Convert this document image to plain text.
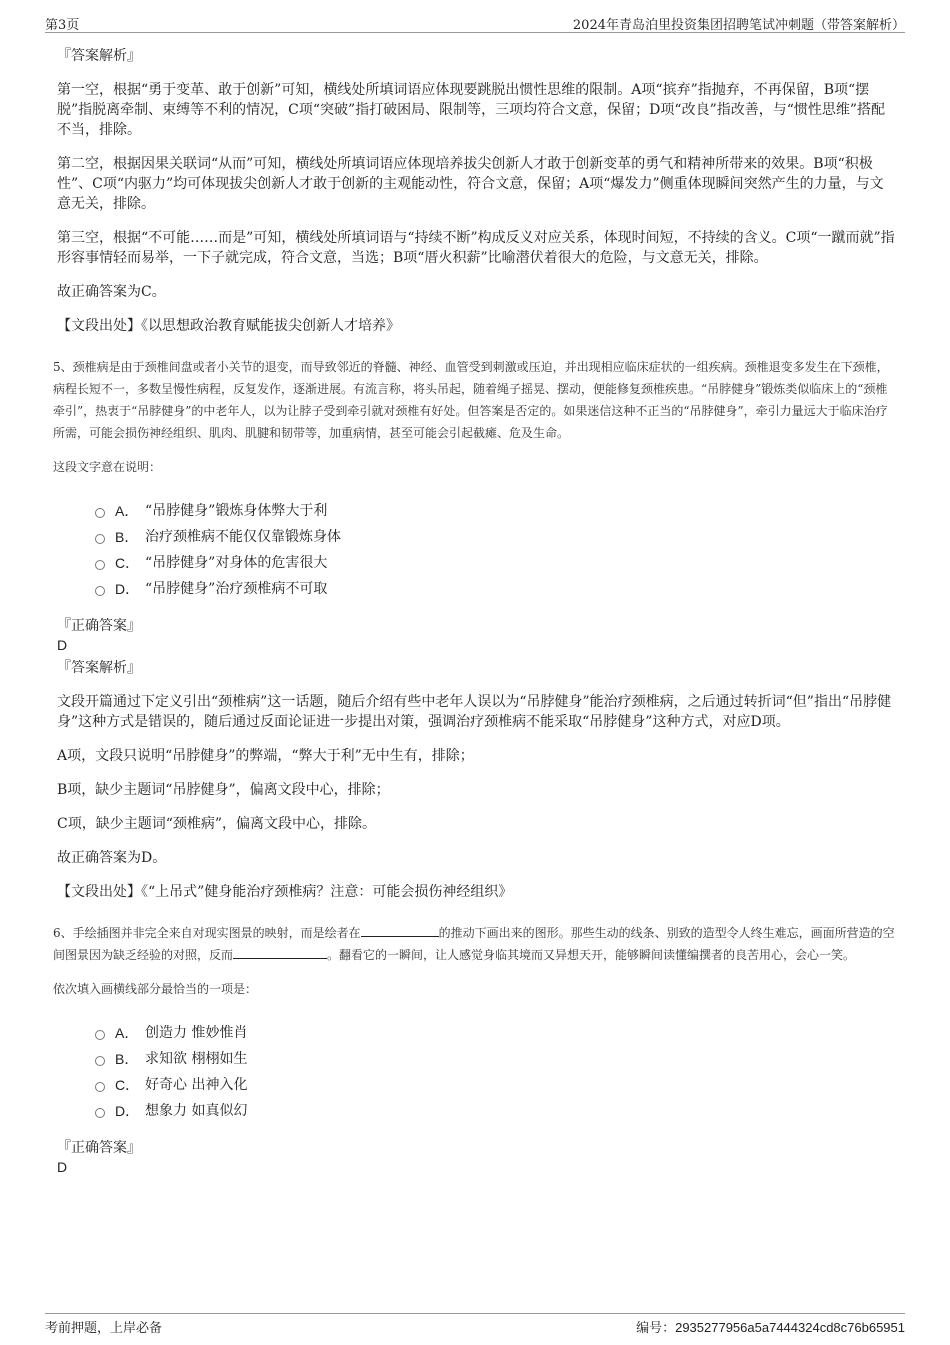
第3页	2024年青岛泊里投资集团招聘笔试冲刺题（带答案解析）

『答案解析』

第一空，根据“勇于变革、敢于创新”可知，横线处所填词语应体现要跳脱出惯性思维的限制。A项“摈弃”指抛弃，不再保留，B项“摆脱”指脱离牵制、束缚等不利的情况，C项“突破”指打破困局、限制等，三项均符合文意，保留；D项“改良”指改善，与“惯性思维”搭配不当，排除。

第二空，根据因果关联词“从而”可知，横线处所填词语应体现培养拔尖创新人才敢于创新变革的勇气和精神所带来的效果。B项“积极性”、C项“内驱力”均可体现拔尖创新人才敢于创新的主观能动性，符合文意，保留；A项“爆发力”侧重体现瞬间突然产生的力量，与文意无关，排除。

第三空，根据“不可能……而是”可知，横线处所填词语与“持续不断”构成反义对应关系，体现时间短，不持续的含义。C项“一蹴而就”指形容事情轻而易举，一下子就完成，符合文意，当选；B项“厝火积薪”比喻潜伏着很大的危险，与文意无关，排除。

故正确答案为C。

【文段出处】《以思想政治教育赋能拔尖创新人才培养》

5、颈椎病是由于颈椎间盘或者小关节的退变，而导致邻近的脊髓、神经、血管受到刺激或压迫，并出现相应临床症状的一组疾病。颈椎退变多发生在下颈椎，病程长短不一，多数呈慢性病程，反复发作，逐渐进展。有流言称，将头吊起，随着绳子摇晃、摆动，便能修复颈椎疾患。“吊脖健身”锻炼类似临床上的“颈椎牵引”，热衷于“吊脖健身”的中老年人，以为让脖子受到牵引就对颈椎有好处。但答案是否定的。如果迷信这种不正当的“吊脖健身”，牵引力量远大于临床治疗所需，可能会损伤神经组织、肌肉、肌腱和韧带等，加重病情，甚至可能会引起截瘫、危及生命。

这段文字意在说明：

A． “吊脖健身”锻炼身体弊大于利
B． 治疗颈椎病不能仅仅靠锻炼身体
C． “吊脖健身”对身体的危害很大
D． “吊脖健身”治疗颈椎病不可取

『正确答案』

D

『答案解析』

文段开篇通过下定义引出“颈椎病”这一话题，随后介绍有些中老年人误以为“吊脖健身”能治疗颈椎病，之后通过转折词“但”指出“吊脖健身”这种方式是错误的，随后通过反面论证进一步提出对策，强调治疗颈椎病不能采取“吊脖健身”这种方式，对应D项。

A项，文段只说明“吊脖健身”的弊端，“弊大于利”无中生有，排除；

B项，缺少主题词“吊脖健身”，偏离文段中心，排除；

C项，缺少主题词“颈椎病”，偏离文段中心，排除。

故正确答案为D。

【文段出处】《“上吊式”健身能治疗颈椎病？注意：可能会损伤神经组织》

6、手绘插图并非完全来自对现实图景的映射，而是绘者在	的推动下画出来的图形。那些生动的线条、别致的造型令人终生难忘，画面所营造的空间图景因为缺乏经验的对照，反而	。翻看它的一瞬间，让人感觉身临其境而又异想天开，能够瞬间读懂编撰者的良苦用心，会心一笑。

依次填入画横线部分最恰当的一项是：

A． 创造力 惟妙惟肖
B． 求知欲 栩栩如生
C． 好奇心 出神入化
D． 想象力 如真似幻

『正确答案』

D

考前押题，上岸必备	编号：2935277956a5a7444324cd8c76b65951
